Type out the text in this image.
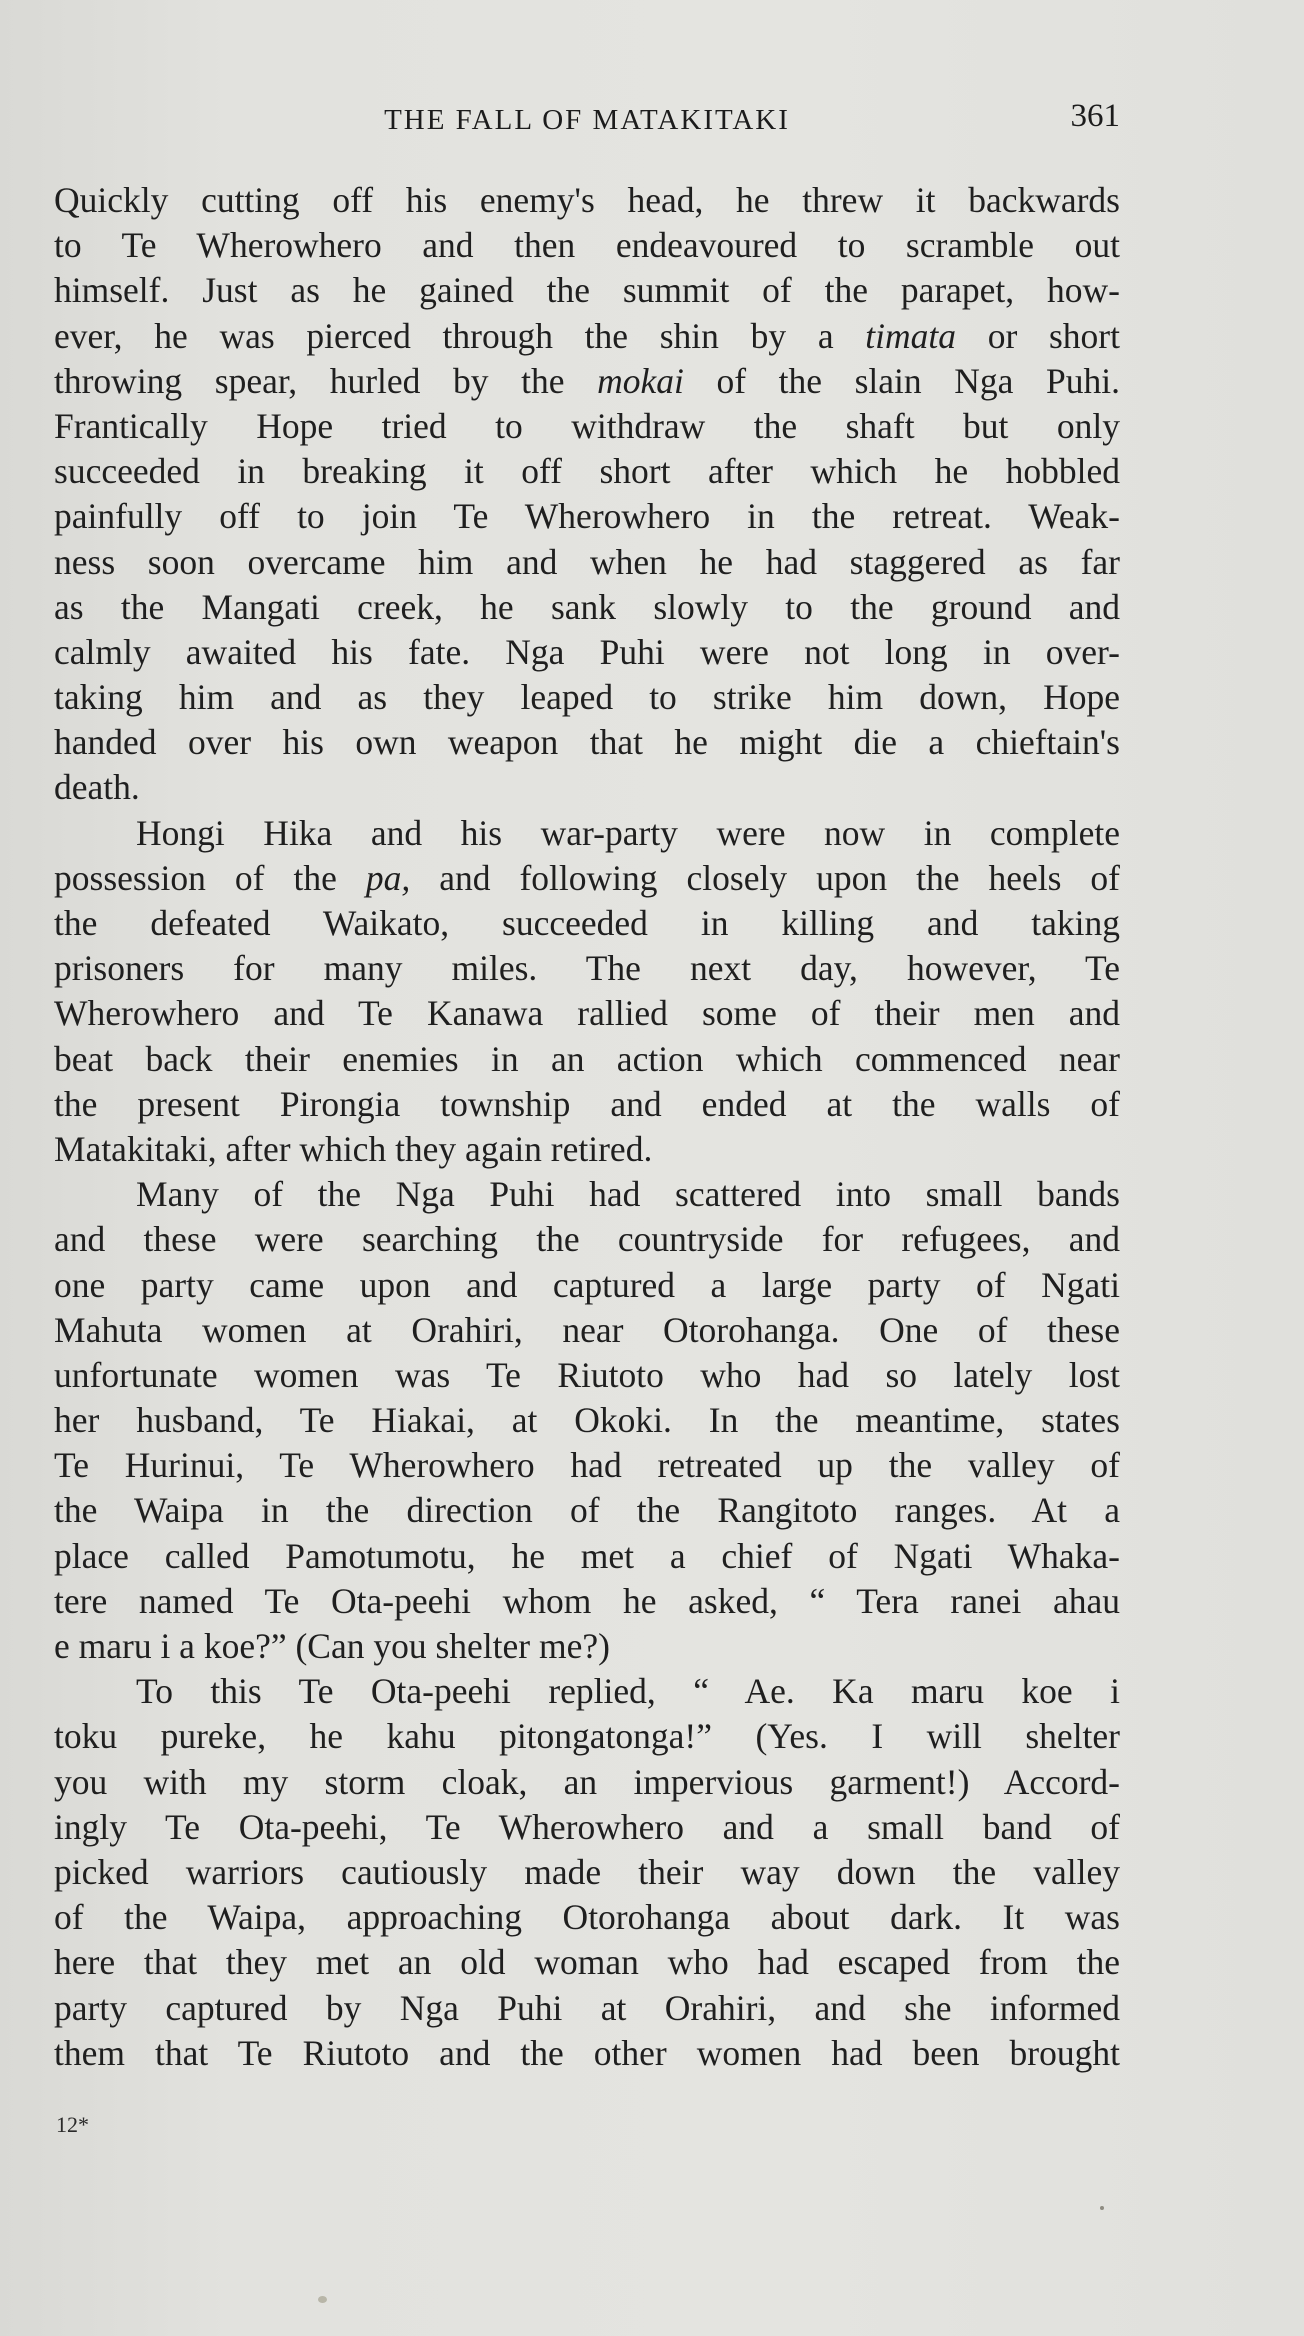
THE FALL OF MATAKITAKI	361
Quickly cutting off his enemy's head, he threw it backwards
to Te Wherowhero and then endeavoured to scramble out
himself. Just as he gained the summit of the parapet, how-
ever, he was pierced through the shin by a timata or short
throwing spear, hurled by the mokai of the slain Nga Puhi.
Frantically Hope tried to withdraw the shaft but only
succeeded in breaking it off short after which he hobbled
painfully off to join Te Wherowhero in the retreat. Weak-
ness soon overcame him and when he had staggered as far
as the Mangati creek, he sank slowly to the ground and
calmly awaited his fate. Nga Puhi were not long in over-
taking him and as they leaped to strike him down, Hope
handed over his own weapon that he might die a chieftain's
death.
Hongi Hika and his war-party were now in complete
possession of the pa, and following closely upon the heels of
the defeated Waikato, succeeded in killing and taking
prisoners for many miles. The next day, however, Te
Wherowhero and Te Kanawa rallied some of their men and
beat back their enemies in an action which commenced near
the present Pirongia township and ended at the walls of
Matakitaki, after which they again retired.
Many of the Nga Puhi had scattered into small bands
and these were searching the countryside for refugees, and
one party came upon and captured a large party of Ngati
Mahuta women at Orahiri, near Otorohanga. One of these
unfortunate women was Te Riutoto who had so lately lost
her husband, Te Hiakai, at Okoki. In the meantime, states
Te Hurinui, Te Wherowhero had retreated up the valley of
the Waipa in the direction of the Rangitoto ranges. At a
place called Pamotumotu, he met a chief of Ngati Whaka-
tere named Te Ota-peehi whom he asked, “ Tera ranei ahau
e maru i a koe?” (Can you shelter me?)
To this Te Ota-peehi replied, “ Ae. Ka maru koe i
toku pureke, he kahu pitongatonga!” (Yes. I will shelter
you with my storm cloak, an impervious garment!) Accord-
ingly Te Ota-peehi, Te Wherowhero and a small band of
picked warriors cautiously made their way down the valley
of the Waipa, approaching Otorohanga about dark. It was
here that they met an old woman who had escaped from the
party captured by Nga Puhi at Orahiri, and she informed
them that Te Riutoto and the other women had been brought
12*
